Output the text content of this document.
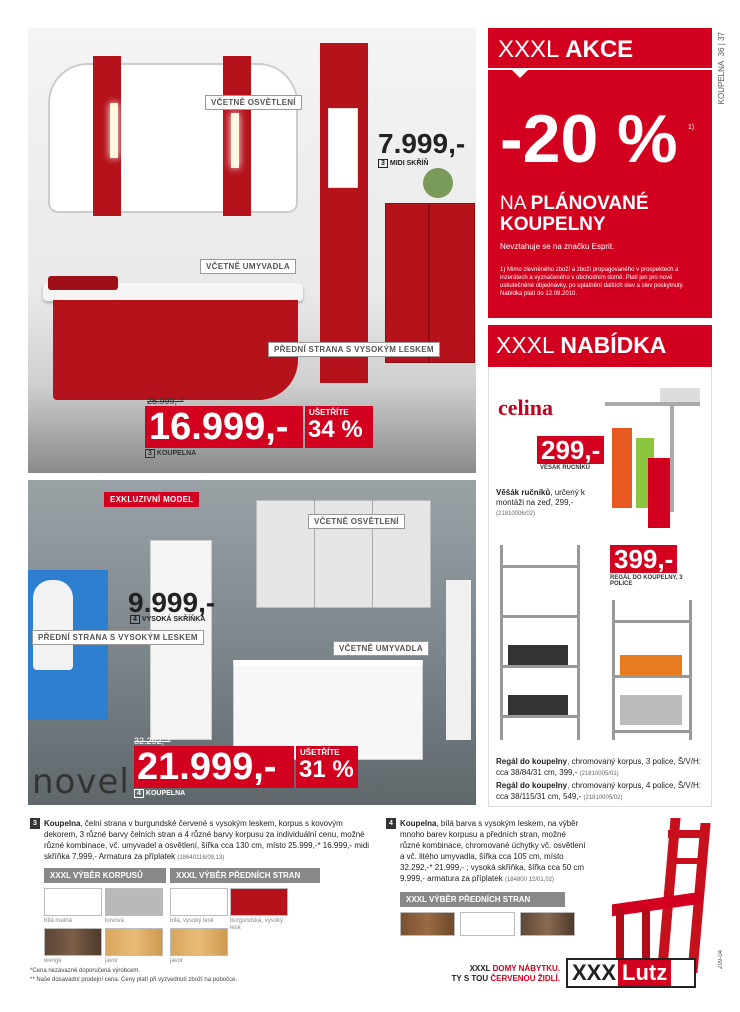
VČETNĚ OSVĚTLENÍ
VČETNĚ UMYVADLA
PŘEDNÍ STRANA S VYSOKÝM LESKEM
7.999,-
3 MIDI SKŘÍŇ
25.999,-*
16.999,-	UŠETŘÍTE
34 %
3 KOUPELNA
EXKLUZIVNÍ MODEL
VČETNĚ OSVĚTLENÍ
VČETNĚ UMYVADLA
PŘEDNÍ STRANA S VYSOKÝM LESKEM
9.999,-
4 VYSOKÁ SKŘÍŇKA
novel
32.292,-*
21.999,-	UŠETŘÍTE
31 %
4 KOUPELNA
XXXL AKCE
-20 % 1)
NA PLÁNOVANÉ
KOUPELNY
Nevztahuje se na značku Esprit.
1) Mimo zlevněného zboží a zboží propagovaného v prospektech a inzerátech a vyznačeného v obchodním domě. Platí jen pro nové uskutečněné objednávky, po uplatnění dalších slev a slev poskytnutý. Nabídka platí do 12.09.2010.
KOUPELNA  36 | 37
XXXL NABÍDKA
celina
299,-
VĚŠÁK RUČNÍKŮ
Věšák ručníků, určený k montáži na zeď, 299,- (21810006/02)
399,-
REGÁL DO KOUPELNY, 3 POLICE
Regál do koupelny, chromovaný korpus, 3 police, Š/V/H: cca 38/84/31 cm, 399,- (21810005/01)
Regál do koupelny, chromovaný korpus, 4 police, Š/V/H: cca 38/115/31 cm, 549,- (21810005/02)
3 Koupelna, čelní strana v burgundské červené s vysokým leskem, korpus s kovovým dekorem, 3 různé barvy čelních stran a 4 různé barvy korpusu za individuální cenu, možné různé kombinace, vč. umyvadel a osvětlení, šířka cca 130 cm, místo 25.999,-* 16.999,- midi skříňka 7.999,- Armatura za příplatek (18640116/09,13)
XXXL VÝBĚR KORPUSŮ	XXXL VÝBĚR PŘEDNÍCH STRAN
bílá matná	kovová
wenge	javor
bílá, vysoký lesk	burgundská, vysoký lesk
javor
4 Koupelna, bílá barva s vysokým leskem, na výběr mnoho barev korpusu a předních stran, možné různé kombinace, chromované úchytky vč. osvětlení a vč. litého umyvadla, šířka cca 105 cm, místo 32.292,-* 21.999,- ; vysoká skříňka, šířka cca 50 cm 9.999,- armatura za příplatek (184800 12/01,02)
XXXL VÝBĚR PŘEDNÍCH STRAN
*Cena nezávazně doporučená výrobcem.
** Naše dosavadní prodejní cena. Ceny platí při vyzvednutí zboží na pobočce.
XXXL DOMY NÁBYTKU.
TY S TOU ČERVENOU ŽIDLÍ. XXX Lutz
Z09-04
